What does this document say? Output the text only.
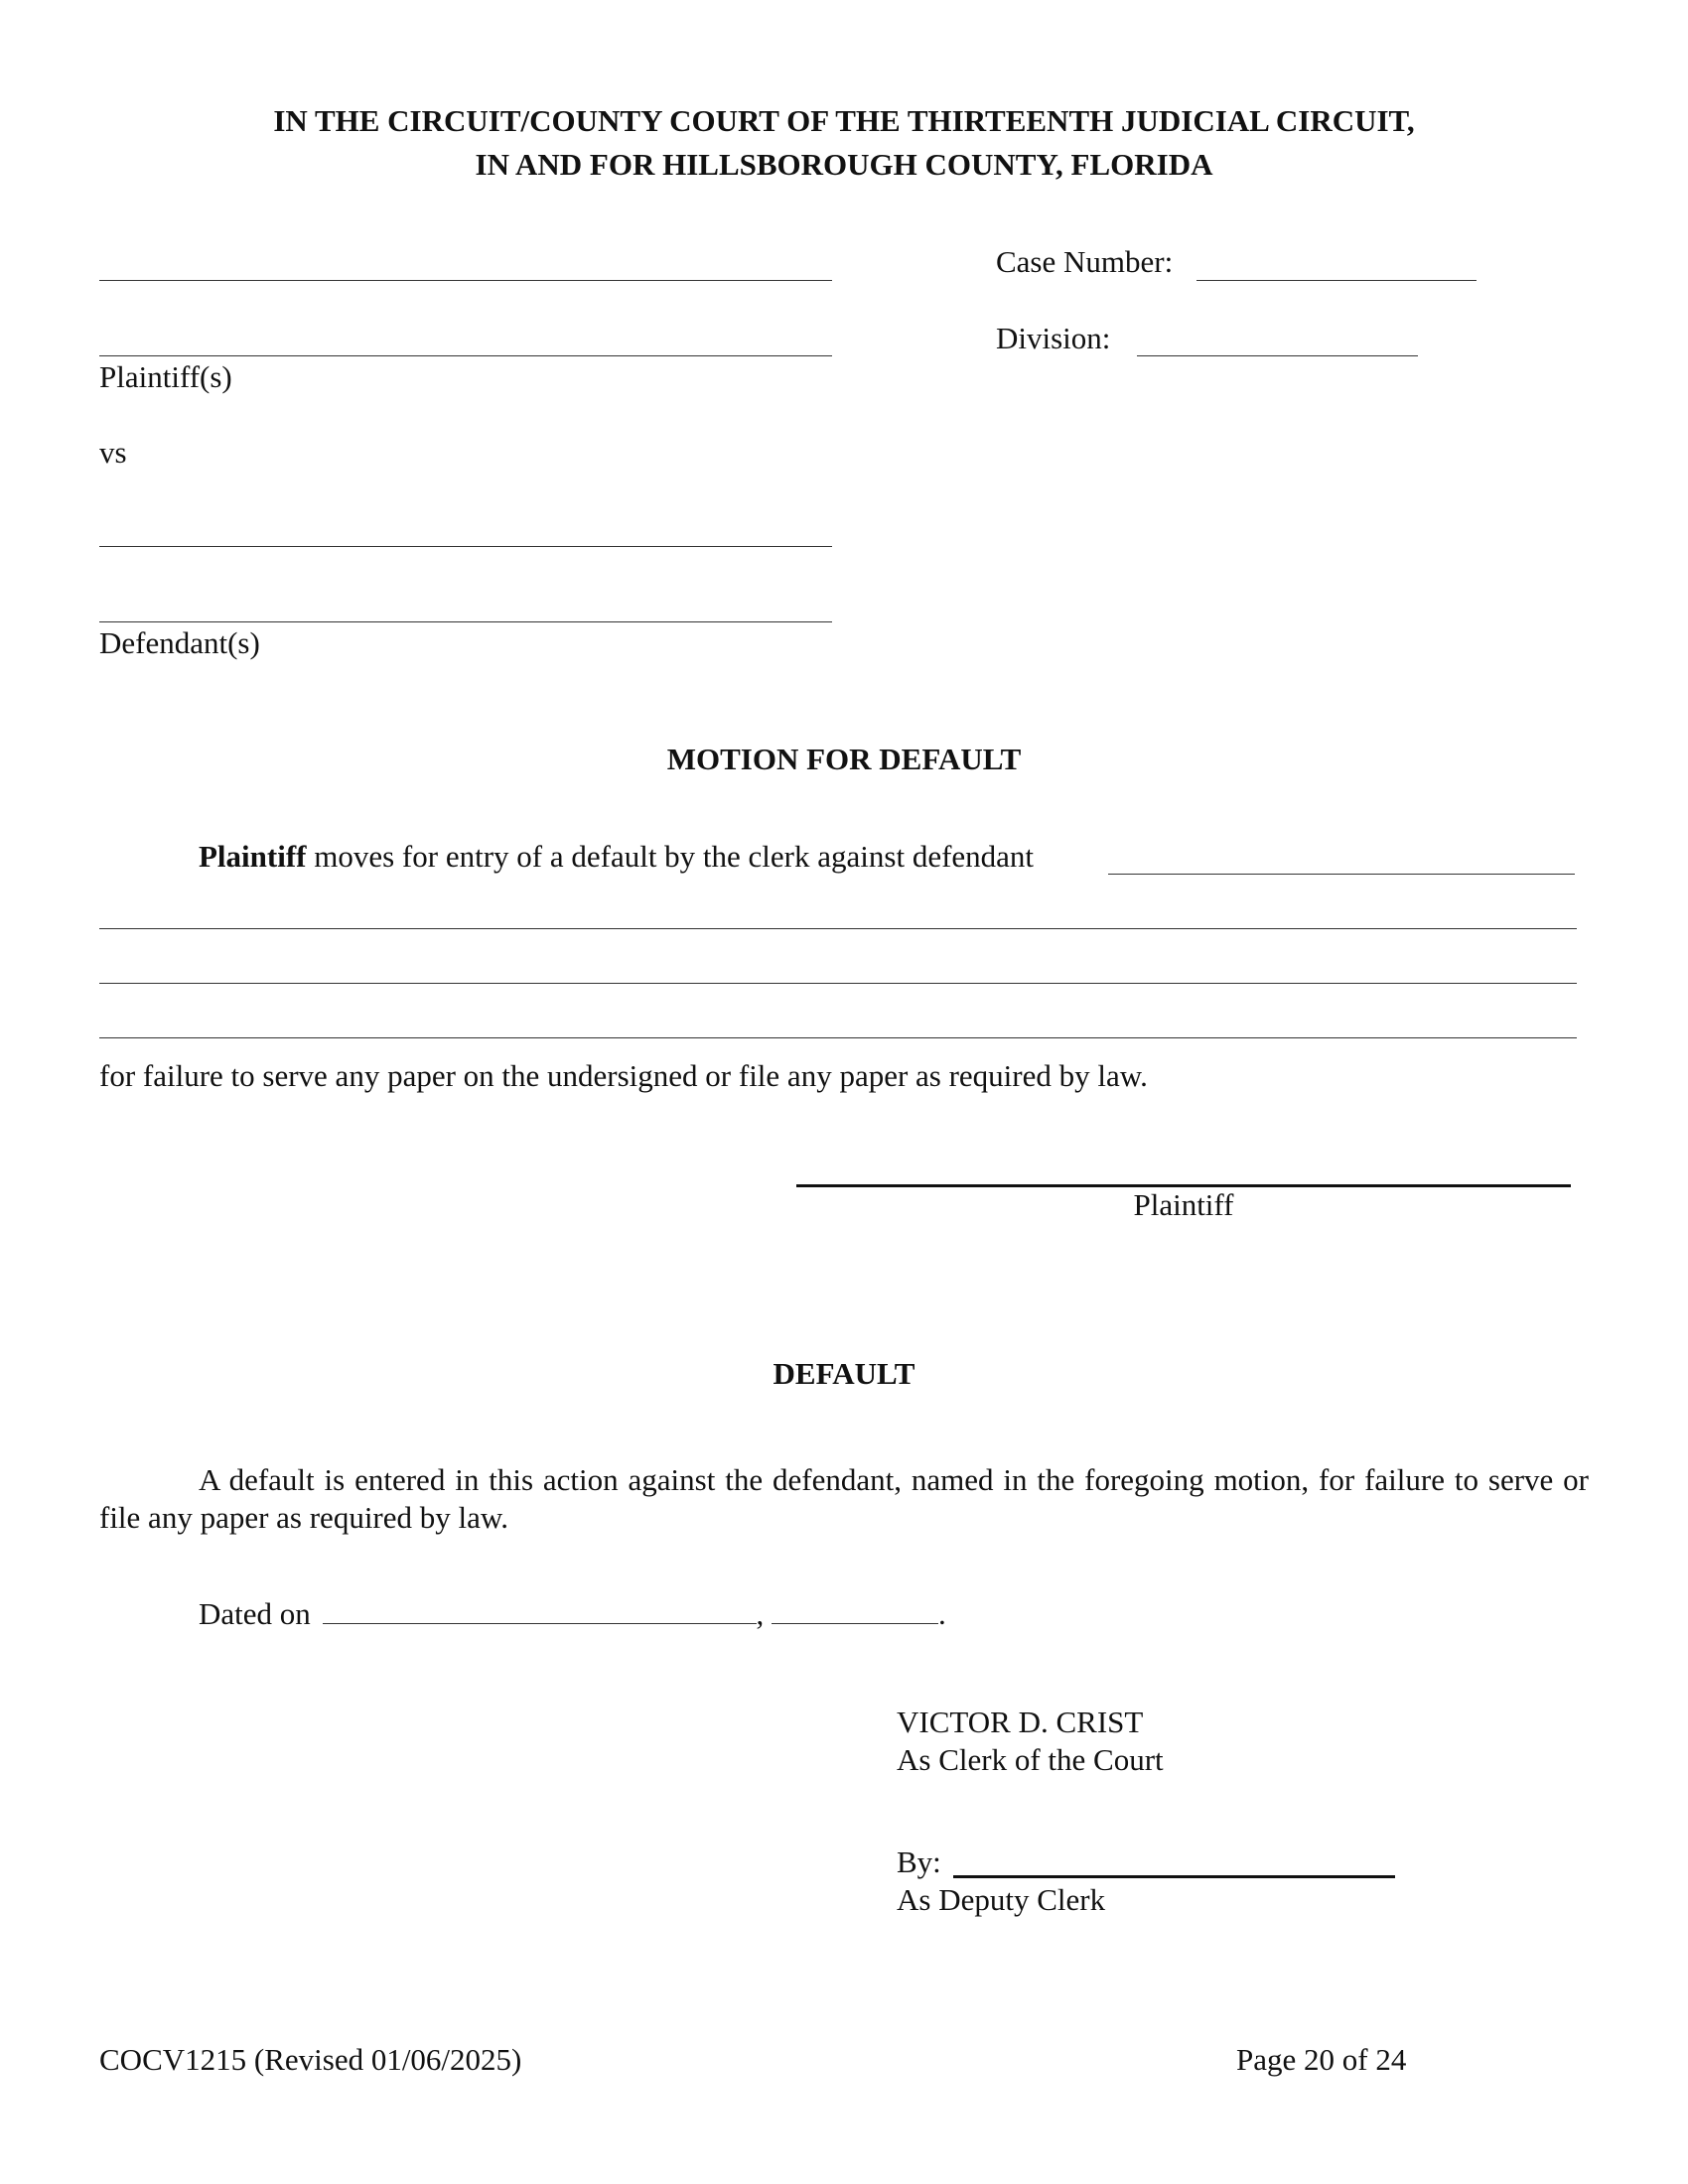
IN THE CIRCUIT/COUNTY COURT OF THE THIRTEENTH JUDICIAL CIRCUIT,
IN AND FOR HILLSBOROUGH COUNTY, FLORIDA
Plaintiff(s)
vs
Defendant(s)
Case Number:
Division:
MOTION FOR DEFAULT
Plaintiff moves for entry of a default by the clerk against defendant
for failure to serve any paper on the undersigned or file any paper as required by law.
Plaintiff
DEFAULT
A default is entered in this action against the defendant, named in the foregoing motion, for failure to serve or file any paper as required by law.
Dated on	,	.
VICTOR D. CRIST
As Clerk of the Court
By:
As Deputy Clerk
COCV1215 (Revised 01/06/2025)	Page 20 of 24
